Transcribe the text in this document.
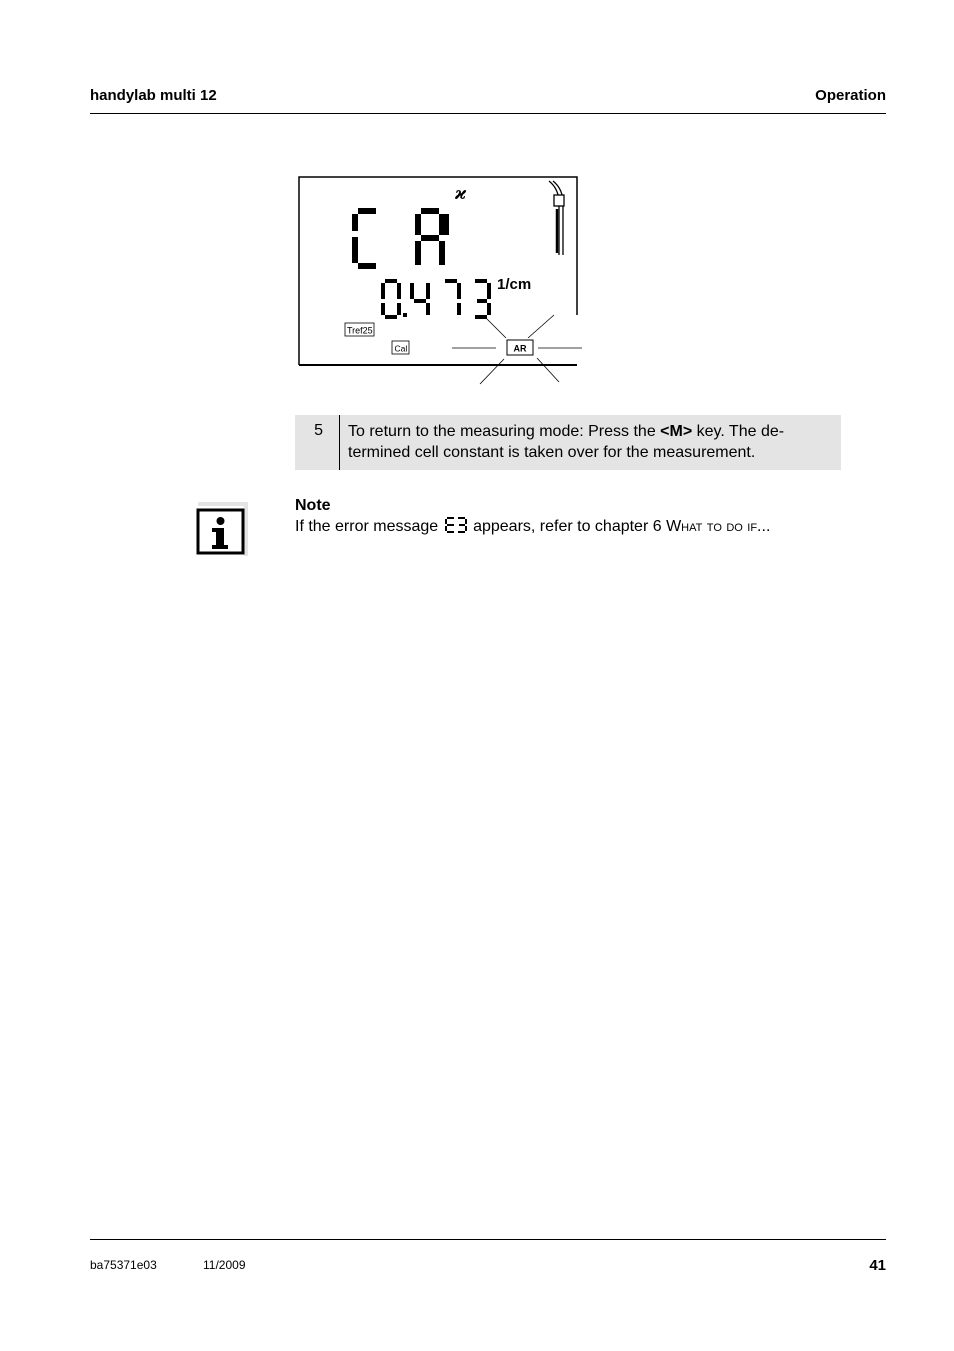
handylab multi 12	Operation
ϰ
1/cm
Tref25
Cal	AR
5 To return to the measuring mode: Press the <M> key. The de-termined cell constant is taken over for the measurement.
Note
If the error message  appears, refer to chapter 6 What to do if...
ba75371e03	11/2009	41
